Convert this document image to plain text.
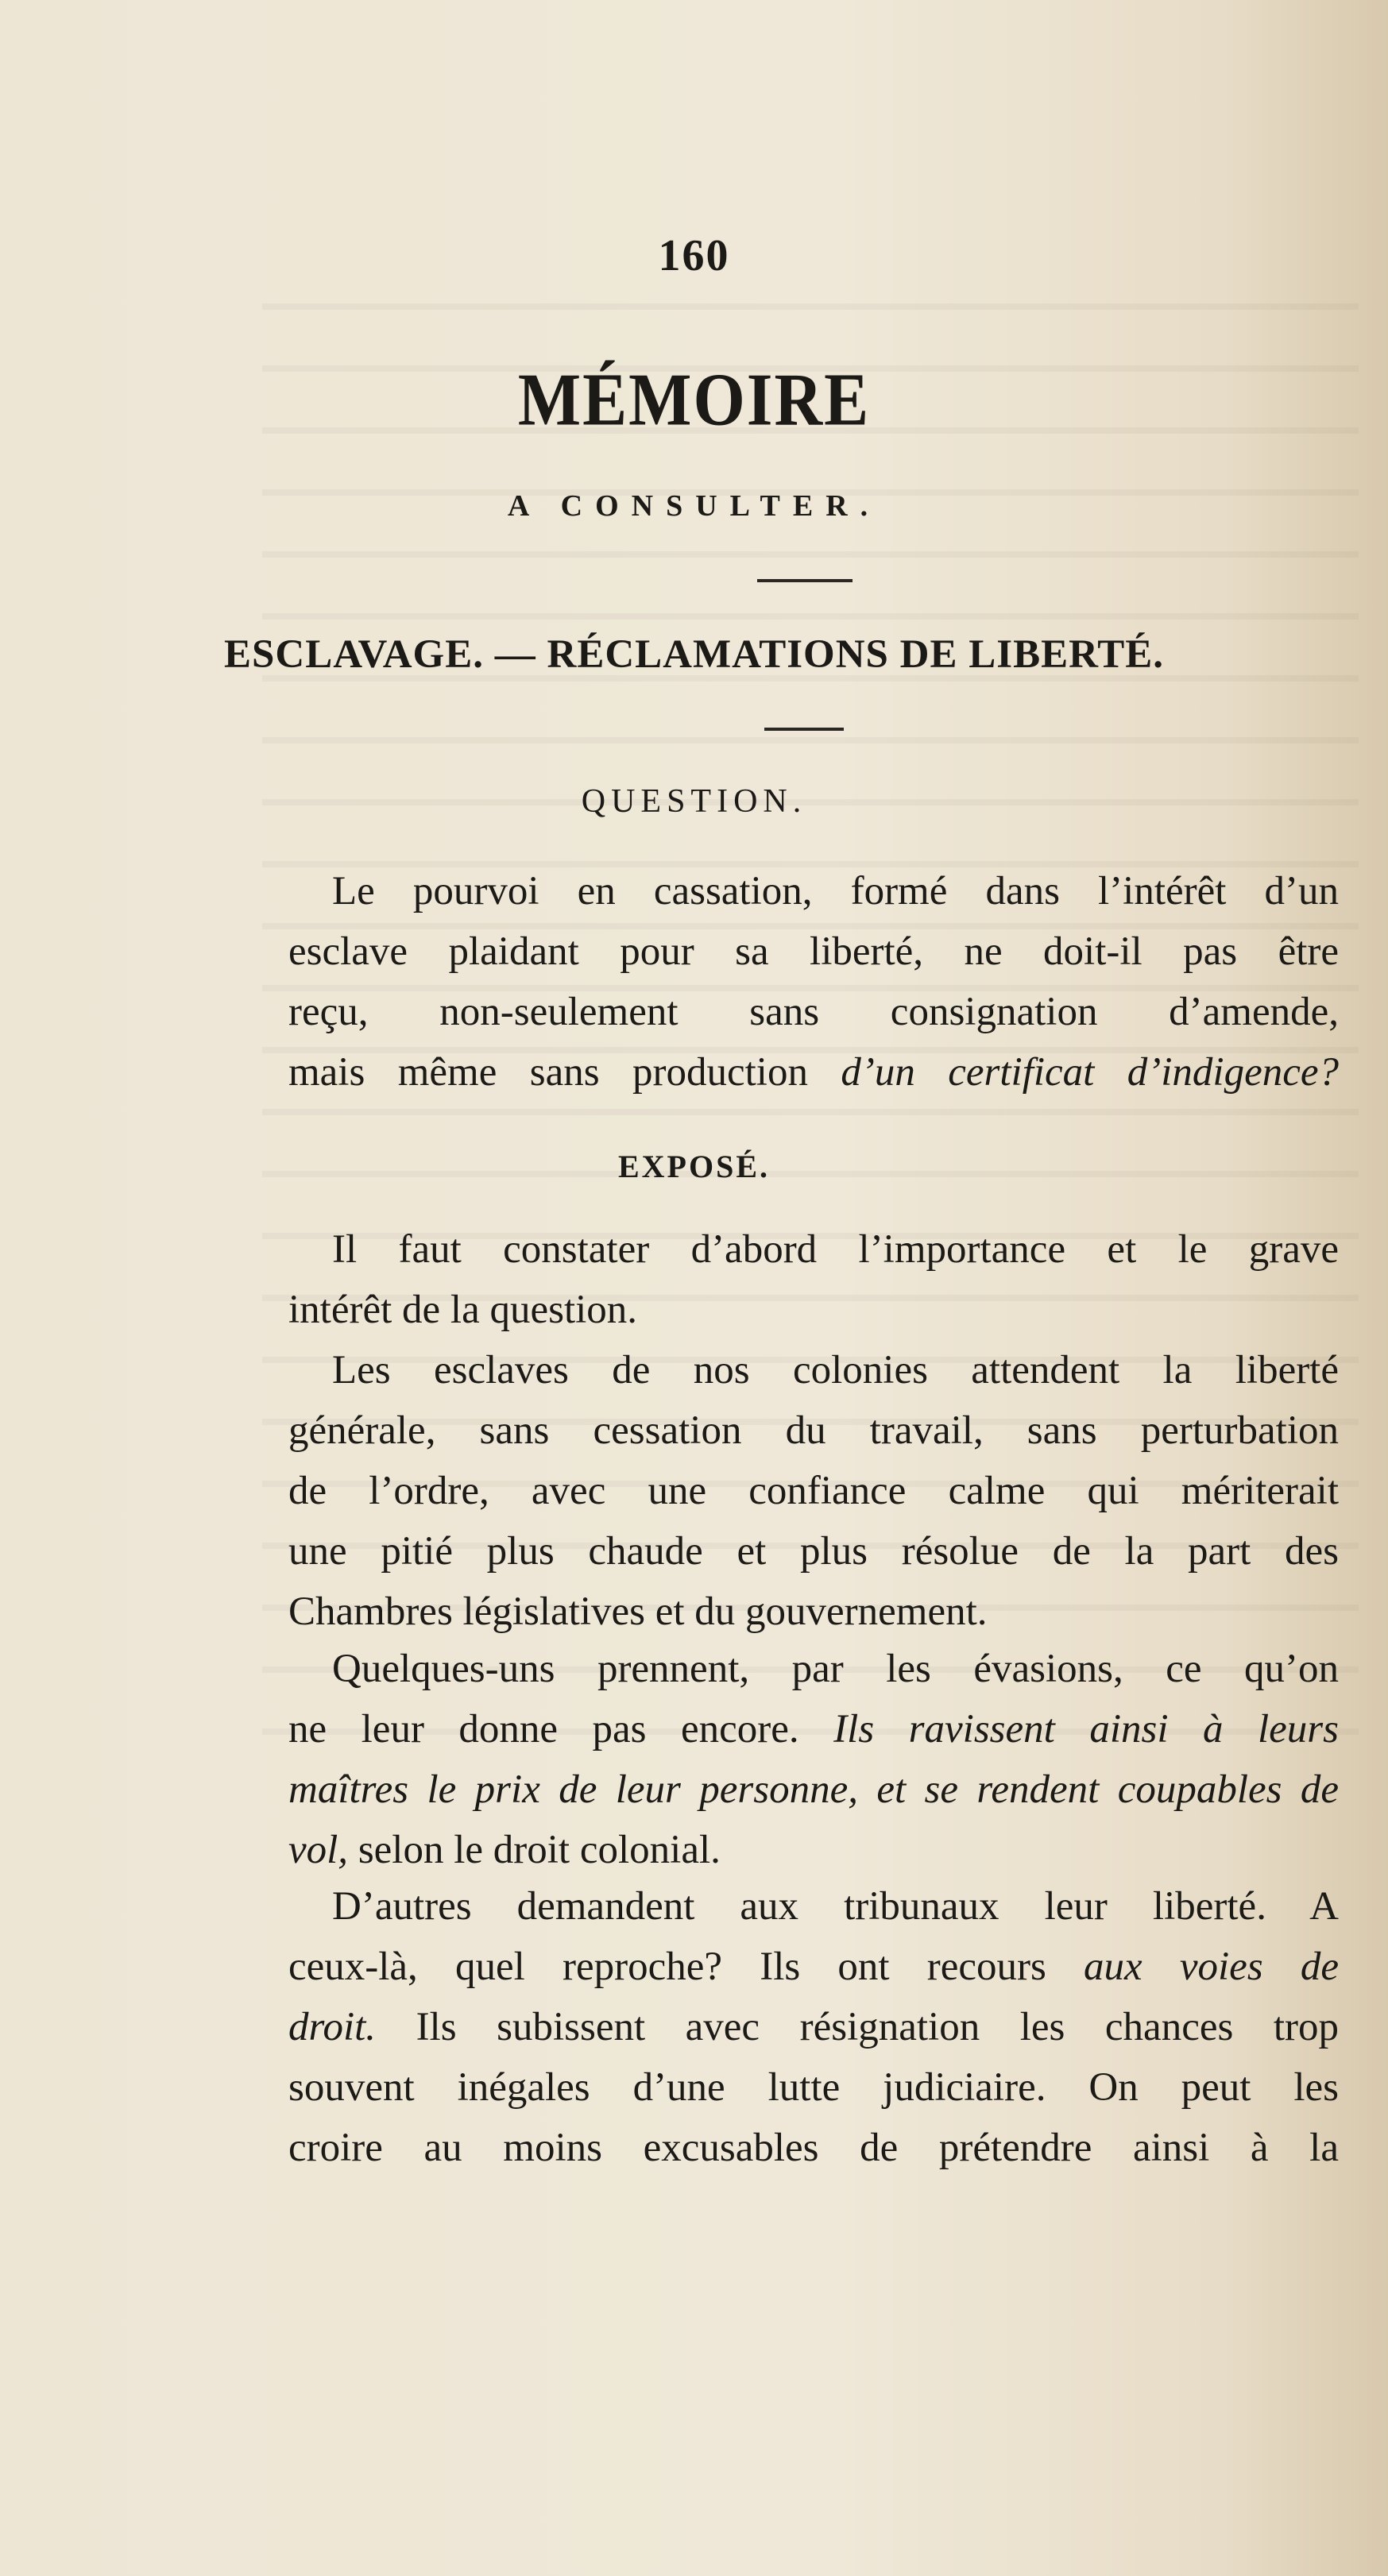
160
MÉMOIRE
A CONSULTER.
ESCLAVAGE. — RÉCLAMATIONS DE LIBERTÉ.
QUESTION.
Le pourvoi en cassation, formé dans l’intérêt d’un
esclave plaidant pour sa liberté, ne doit-il pas être
reçu, non-seulement sans consignation d’amende,
mais même sans production d’un certificat d’indigence?
EXPOSÉ.
Il faut constater d’abord l’importance et le grave
intérêt de la question.
Les esclaves de nos colonies attendent la liberté
générale, sans cessation du travail, sans perturbation
de l’ordre, avec une confiance calme qui mériterait
une pitié plus chaude et plus résolue de la part des
Chambres législatives et du gouvernement.
Quelques-uns prennent, par les évasions, ce qu’on
ne leur donne pas encore. Ils ravissent ainsi à leurs
maîtres le prix de leur personne, et se rendent coupables de
vol, selon le droit colonial.
D’autres demandent aux tribunaux leur liberté. A
ceux-là, quel reproche? Ils ont recours aux voies de
droit. Ils subissent avec résignation les chances trop
souvent inégales d’une lutte judiciaire. On peut les
croire au moins excusables de prétendre ainsi à la
